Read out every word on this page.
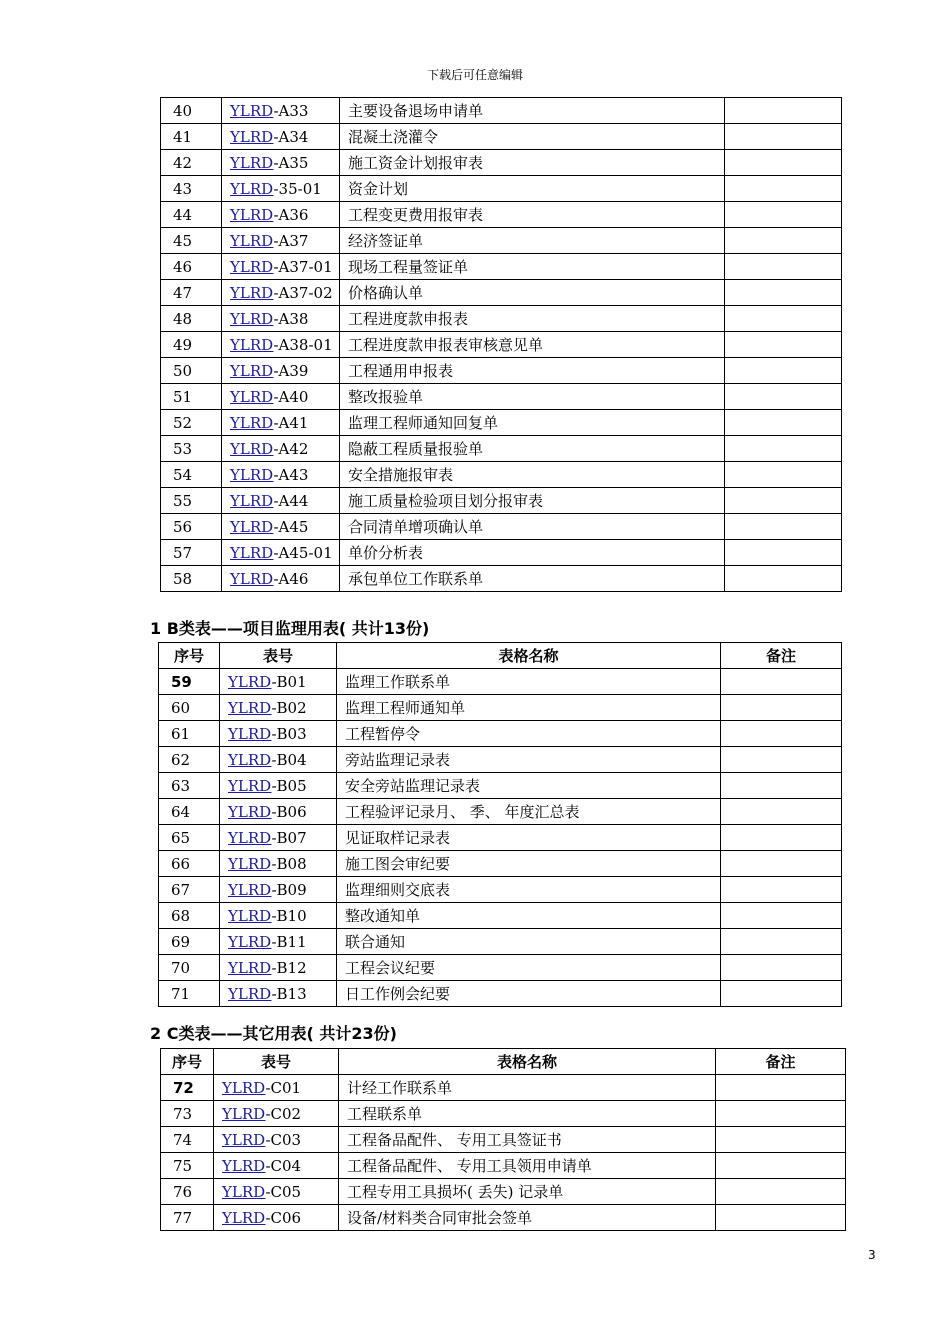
下载后可任意编辑
40	YLRD-A33	主要设备退场申请单	
41	YLRD-A34	混凝土浇灌令	
42	YLRD-A35	施工资金计划报审表	
43	YLRD-35-01	资金计划	
44	YLRD-A36	工程变更费用报审表	
45	YLRD-A37	经济签证单	
46	YLRD-A37-01	现场工程量签证单	
47	YLRD-A37-02	价格确认单	
48	YLRD-A38	工程进度款申报表	
49	YLRD-A38-01	工程进度款申报表审核意见单	
50	YLRD-A39	工程通用申报表	
51	YLRD-A40	整改报验单	
52	YLRD-A41	监理工程师通知回复单	
53	YLRD-A42	隐蔽工程质量报验单	
54	YLRD-A43	安全措施报审表	
55	YLRD-A44	施工质量检验项目划分报审表	
56	YLRD-A45	合同清单增项确认单	
57	YLRD-A45-01	单价分析表	
58	YLRD-A46	承包单位工作联系单	
1 B类表——项目监理用表( 共计13份)
序号	表号	表格名称	备注
59	YLRD-B01	监理工作联系单	
60	YLRD-B02	监理工程师通知单	
61	YLRD-B03	工程暂停令	
62	YLRD-B04	旁站监理记录表	
63	YLRD-B05	安全旁站监理记录表	
64	YLRD-B06	工程验评记录月、 季、 年度汇总表	
65	YLRD-B07	见证取样记录表	
66	YLRD-B08	施工图会审纪要	
67	YLRD-B09	监理细则交底表	
68	YLRD-B10	整改通知单	
69	YLRD-B11	联合通知	
70	YLRD-B12	工程会议纪要	
71	YLRD-B13	日工作例会纪要	
2 C类表——其它用表( 共计23份)
序号	表号	表格名称	备注
72	YLRD-C01	计经工作联系单	
73	YLRD-C02	工程联系单	
74	YLRD-C03	工程备品配件、 专用工具签证书	
75	YLRD-C04	工程备品配件、 专用工具领用申请单	
76	YLRD-C05	工程专用工具损坏( 丢失) 记录单	
77	YLRD-C06	设备/材料类合同审批会签单	
3
